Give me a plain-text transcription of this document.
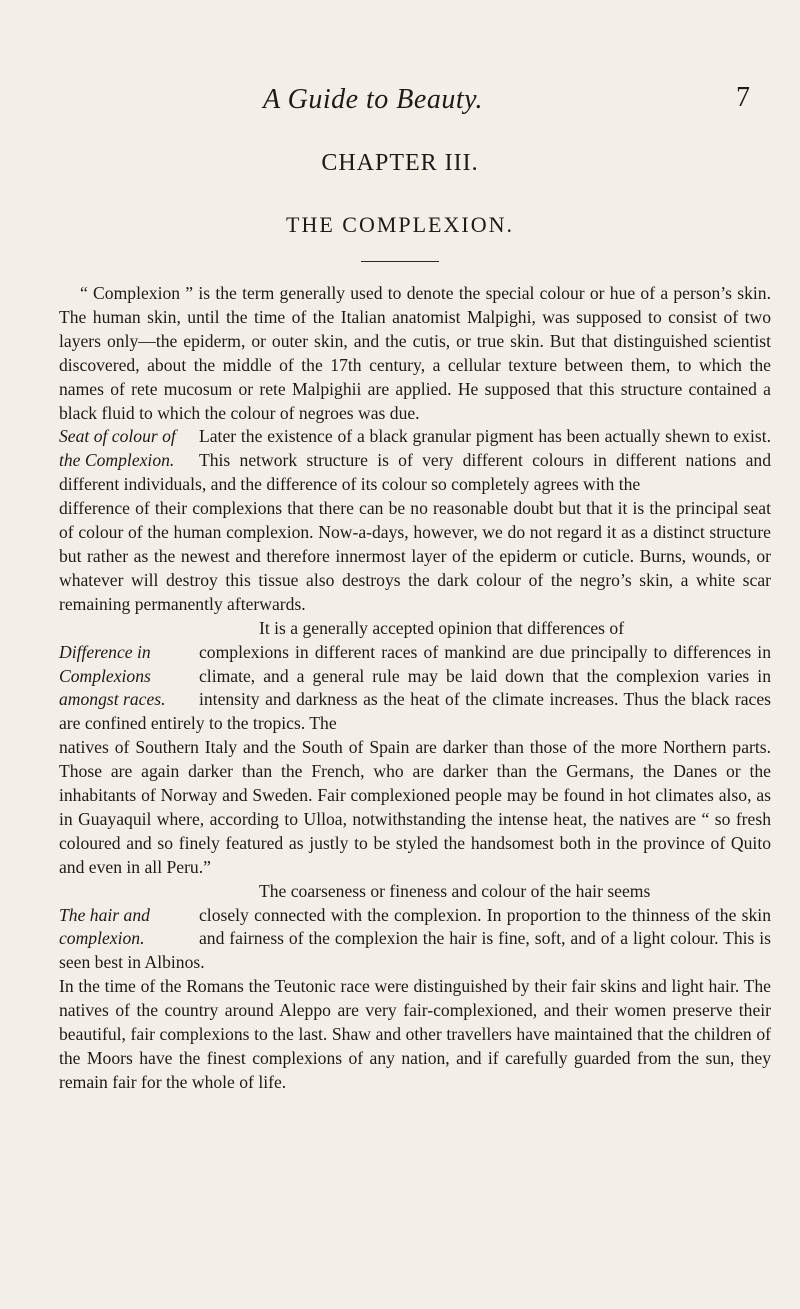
A Guide to Beauty.	7
CHAPTER III.
THE COMPLEXION.

“ Complexion ” is the term generally used to denote the special colour or hue of a person’s skin. The human skin, until the time of the Italian anatomist Malpighi, was supposed to consist of two layers only—the epiderm, or outer skin, and the cutis, or true skin. But that distinguished scientist discovered, about the middle of the 17th century, a cellular texture between them, to which the names of rete mucosum or rete Malpighii are applied. He supposed that this structure contained a black fluid to which the colour of negroes was due.

Seat of colour of the Complexion.
Later the existence of a black granular pigment has been actually shewn to exist. This network structure is of very different colours in different nations and different individuals, and the difference of its colour so completely agrees with the

difference of their complexions that there can be no reasonable doubt but that it is the principal seat of colour of the human complexion. Now-a-days, however, we do not regard it as a distinct structure but rather as the newest and therefore innermost layer of the epiderm or cuticle. Burns, wounds, or whatever will destroy this tissue also destroys the dark colour of the negro’s skin, a white scar remaining permanently afterwards.

It is a generally accepted opinion that differences of

Difference in Complexions amongst races.
complexions in different races of mankind are due principally to differences in climate, and a general rule may be laid down that the complexion varies in intensity and darkness as the heat of the climate increases. Thus the black races are confined entirely to the tropics. The

natives of Southern Italy and the South of Spain are darker than those of the more Northern parts. Those are again darker than the French, who are darker than the Germans, the Danes or the inhabitants of Norway and Sweden. Fair complexioned people may be found in hot climates also, as in Guayaquil where, according to Ulloa, notwithstanding the intense heat, the natives are “ so fresh coloured and so finely featured as justly to be styled the handsomest both in the province of Quito and even in all Peru.”

The coarseness or fineness and colour of the hair seems

The hair and complexion.
closely connected with the complexion. In proportion to the thinness of the skin and fairness of the complexion the hair is fine, soft, and of a light colour. This is seen best in Albinos.

In the time of the Romans the Teutonic race were distinguished by their fair skins and light hair. The natives of the country around Aleppo are very fair-complexioned, and their women preserve their beautiful, fair complexions to the last. Shaw and other travellers have maintained that the children of the Moors have the finest complexions of any nation, and if carefully guarded from the sun, they remain fair for the whole of life.
